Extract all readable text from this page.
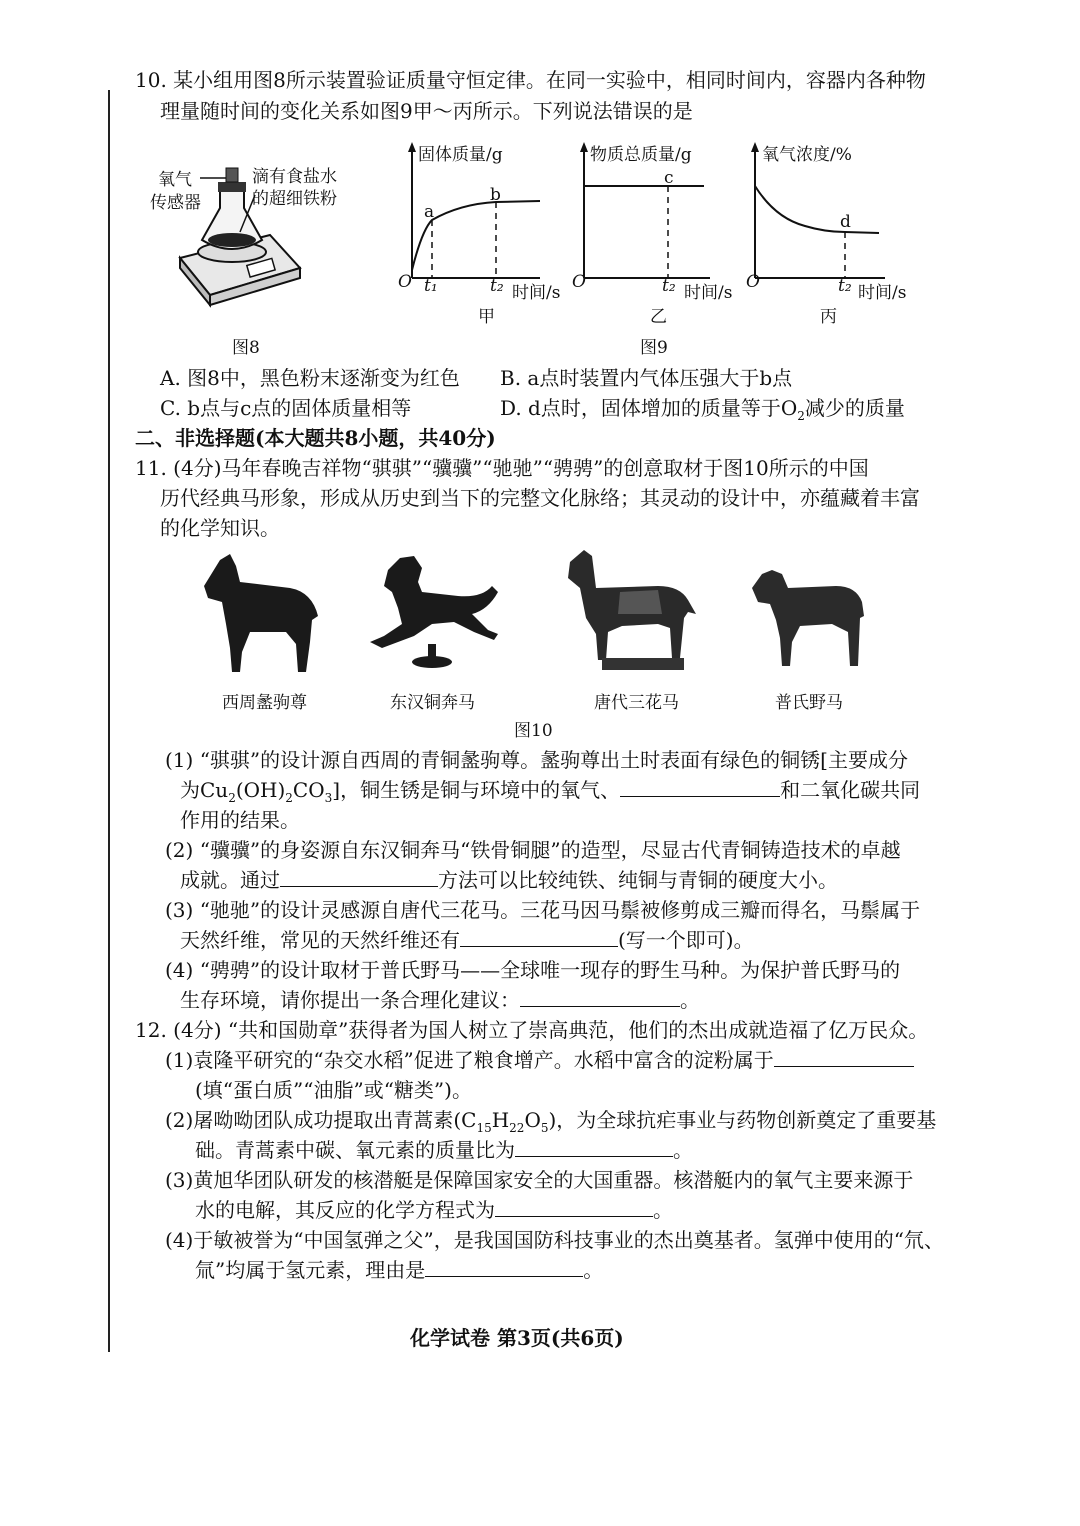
10. 某小组用图8所示装置验证质量守恒定律。在同一实验中，相同时间内，容器内各种物
理量随时间的变化关系如图9甲～丙所示。下列说法错误的是
氧气
传感器
滴有食盐水
的超细铁粉
图8
固体质量/g
a
b
O t₁	t₂ 时间/s
甲
物质总质量/g
c
O	t₂ 时间/s
乙
氧气浓度/%
d
O	t₂ 时间/s
丙
图9
A. 图8中，黑色粉末逐渐变为红色 B. a点时装置内气体压强大于b点
C. b点与c点的固体质量相等	D. d点时，固体增加的质量等于$O_2$减少的质量
二、非选择题(本大题共8小题，共40分)
11. (4分)马年春晚吉祥物“骐骐”“骥骥”“驰驰”“骋骋”的创意取材于图10所示的中国
历代经典马形象，形成从历史到当下的完整文化脉络；其灵动的设计中，亦蕴藏着丰富
的化学知识。
西周盠驹尊	东汉铜奔马	唐代三花马	普氏野马
图10
(1) “骐骐”的设计源自西周的青铜盠驹尊。盠驹尊出土时表面有绿色的铜锈[主要成分
为$Cu_2(OH)_2CO_3$]，铜生锈是铜与环境中的氧气、	和二氧化碳共同
作用的结果。
(2) “骥骥”的身姿源自东汉铜奔马“铁骨铜腿”的造型，尽显古代青铜铸造技术的卓越
成就。通过	方法可以比较纯铁、纯铜与青铜的硬度大小。
(3) “驰驰”的设计灵感源自唐代三花马。三花马因马鬃被修剪成三瓣而得名，马鬃属于
天然纤维，常见的天然纤维还有	(写一个即可)。
(4) “骋骋”的设计取材于普氏野马——全球唯一现存的野生马种。为保护普氏野马的
生存环境，请你提出一条合理化建议：	。
12. (4分) “共和国勋章”获得者为国人树立了崇高典范，他们的杰出成就造福了亿万民众。
(1)袁隆平研究的“杂交水稻”促进了粮食增产。水稻中富含的淀粉属于
(填“蛋白质”“油脂”或“糖类”)。
(2)屠呦呦团队成功提取出青蒿素$(C_{15}H_{22}O_5)$，为全球抗疟事业与药物创新奠定了重要基
础。青蒿素中碳、氧元素的质量比为	。
(3)黄旭华团队研发的核潜艇是保障国家安全的大国重器。核潜艇内的氧气主要来源于
水的电解，其反应的化学方程式为	。
(4)于敏被誉为“中国氢弹之父”，是我国国防科技事业的杰出奠基者。氢弹中使用的“氘、
氚”均属于氢元素，理由是	。
化学试卷 第3页(共6页)
